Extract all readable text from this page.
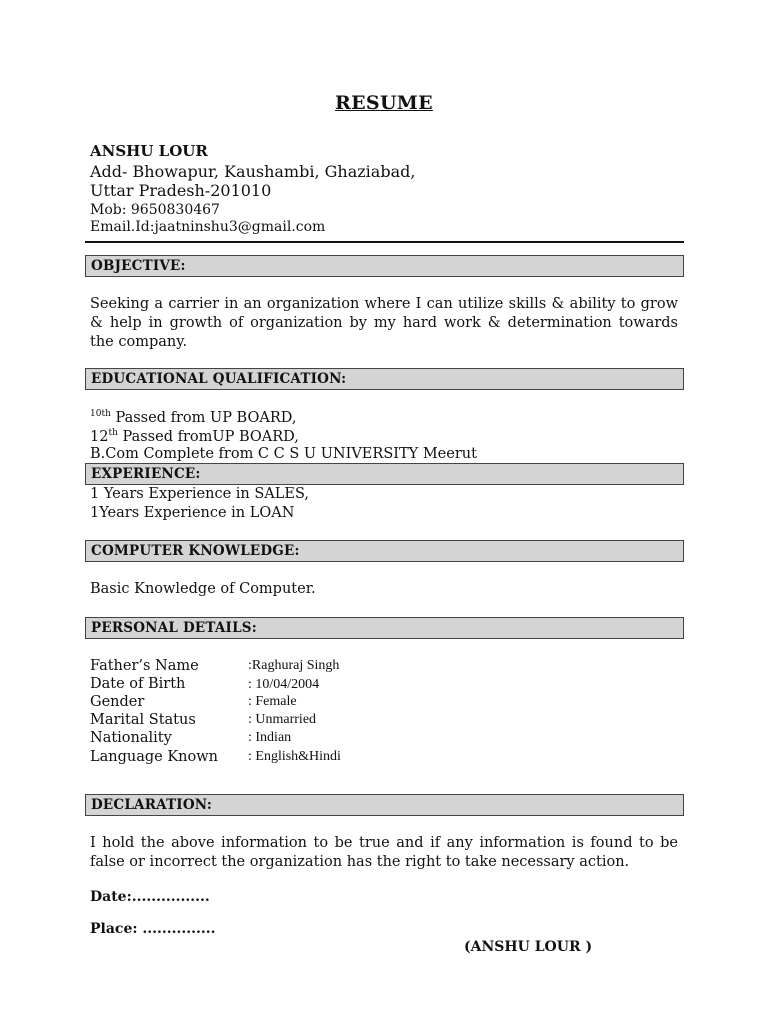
RESUME
ANSHU LOUR
Add- Bhowapur, Kaushambi, Ghaziabad,
Uttar Pradesh-201010
Mob: 9650830467
Email.Id:jaatninshu3@gmail.com
OBJECTIVE:
Seeking a carrier in an organization where I can utilize skills & ability to grow & help in growth of organization by my hard work & determination towards the company.
EDUCATIONAL QUALIFICATION:
$^{10th}$ Passed from UP BOARD,
12th Passed fromUP BOARD,
B.Com Complete from C C S U UNIVERSITY Meerut
EXPERIENCE:
1 Years Experience in SALES,
1Years Experience in LOAN
COMPUTER KNOWLEDGE:
Basic Knowledge of Computer.
PERSONAL DETAILS:
Father’s Name	:Raghuraj Singh
Date of Birth	: 10/04/2004
Gender	: Female
Marital Status	: Unmarried
Nationality	: Indian
Language Known : English&Hindi
DECLARATION:
I hold the above information to be true and if any information is found to be false or incorrect the organization has the right to take necessary action.
Date:................
Place: ...............
(ANSHU LOUR )
